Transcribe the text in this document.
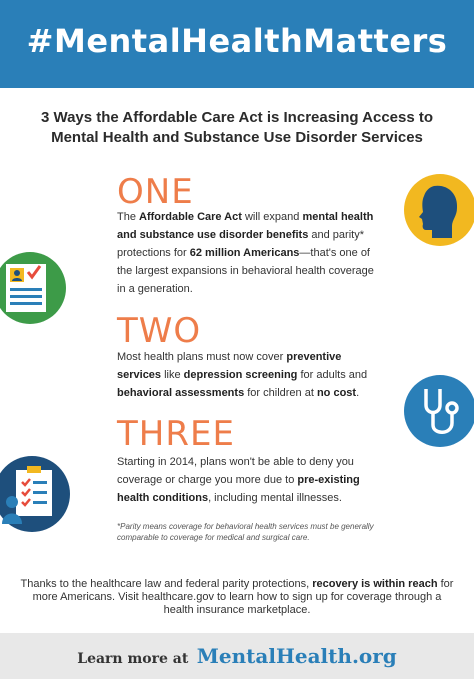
#MentalHealthMatters
3 Ways the Affordable Care Act is Increasing Access to
Mental Health and Substance Use Disorder Services
ONE
The Affordable Care Act will expand mental health and substance use disorder benefits and parity* protections for 62 million Americans—that's one of the largest expansions in behavioral health coverage in a generation.
TWO
Most health plans must now cover preventive services like depression screening for adults and behavioral assessments for children at no cost.
THREE
Starting in 2014, plans won't be able to deny you coverage or charge you more due to pre-existing health conditions, including mental illnesses.
*Parity means coverage for behavioral health services must be generally comparable to coverage for medical and surgical care.
Thanks to the healthcare law and federal parity protections, recovery is within reach for more Americans. Visit healthcare.gov to learn how to sign up for coverage through a health insurance marketplace.
Learn more at MentalHealth.org
